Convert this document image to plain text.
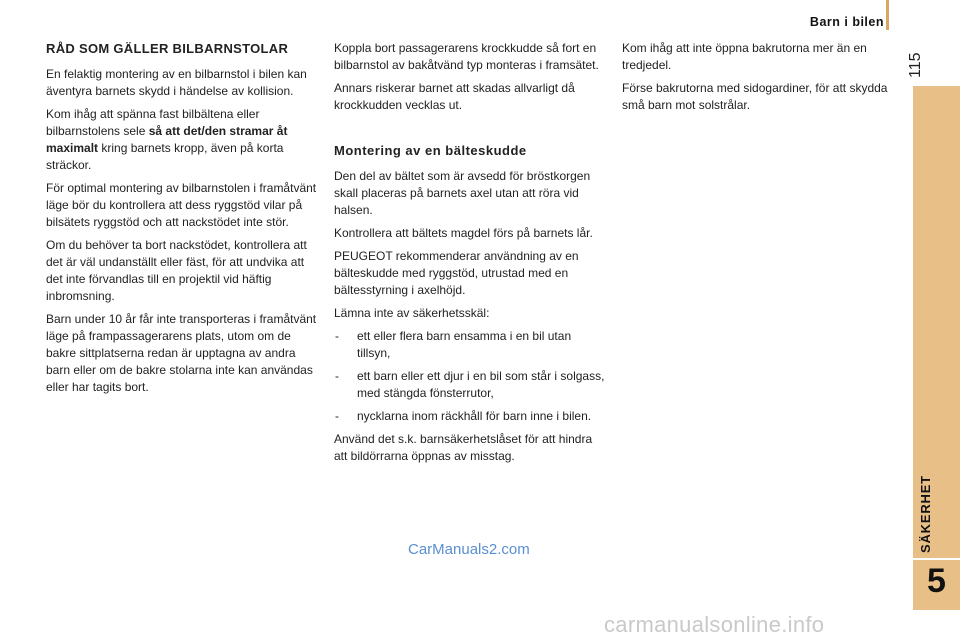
Barn i bilen
115
SÄKERHET
5
RÅD SOM GÄLLER BILBARNSTOLAR

En felaktig montering av en bilbarnstol i bilen kan äventyra barnets skydd i händelse av kollision.

Kom ihåg att spänna fast bilbältena eller bilbarnstolens sele så att det/den stramar åt maximalt kring barnets kropp, även på korta sträckor.

För optimal montering av bilbarnstolen i framåtvänt läge bör du kontrollera att dess ryggstöd vilar på bilsätets ryggstöd och att nackstödet inte stör.

Om du behöver ta bort nackstödet, kontrollera att det är väl undanställt eller fäst, för att undvika att det inte förvandlas till en projektil vid häftig inbromsning.

Barn under 10 år får inte transporteras i framåtvänt läge på frampassagerarens plats, utom om de bakre sittplatserna redan är upptagna av andra barn eller om de bakre stolarna inte kan användas eller har tagits bort.

Koppla bort passagerarens krockkudde så fort en bilbarnstol av bakåtvänd typ monteras i framsätet.

Annars riskerar barnet att skadas allvarligt då krockkudden vecklas ut.

Montering av en bälteskudde

Den del av bältet som är avsedd för bröstkorgen skall placeras på barnets axel utan att röra vid halsen.

Kontrollera att bältets magdel förs på barnets lår.

PEUGEOT rekommenderar användning av en bälteskudde med ryggstöd, utrustad med en bältesstyrning i axelhöjd.

Lämna inte av säkerhetsskäl:

- ett eller flera barn ensamma i en bil utan tillsyn,
- ett barn eller ett djur i en bil som står i solgass, med stängda fönsterrutor,
- nycklarna inom räckhåll för barn inne i bilen.

Använd det s.k. barnsäkerhetslåset för att hindra att bildörrarna öppnas av misstag.

Kom ihåg att inte öppna bakrutorna mer än en tredjedel.

Förse bakrutorna med sidogardiner, för att skydda små barn mot solstrålar.

CarManuals2.com
carmanualsonline.info
